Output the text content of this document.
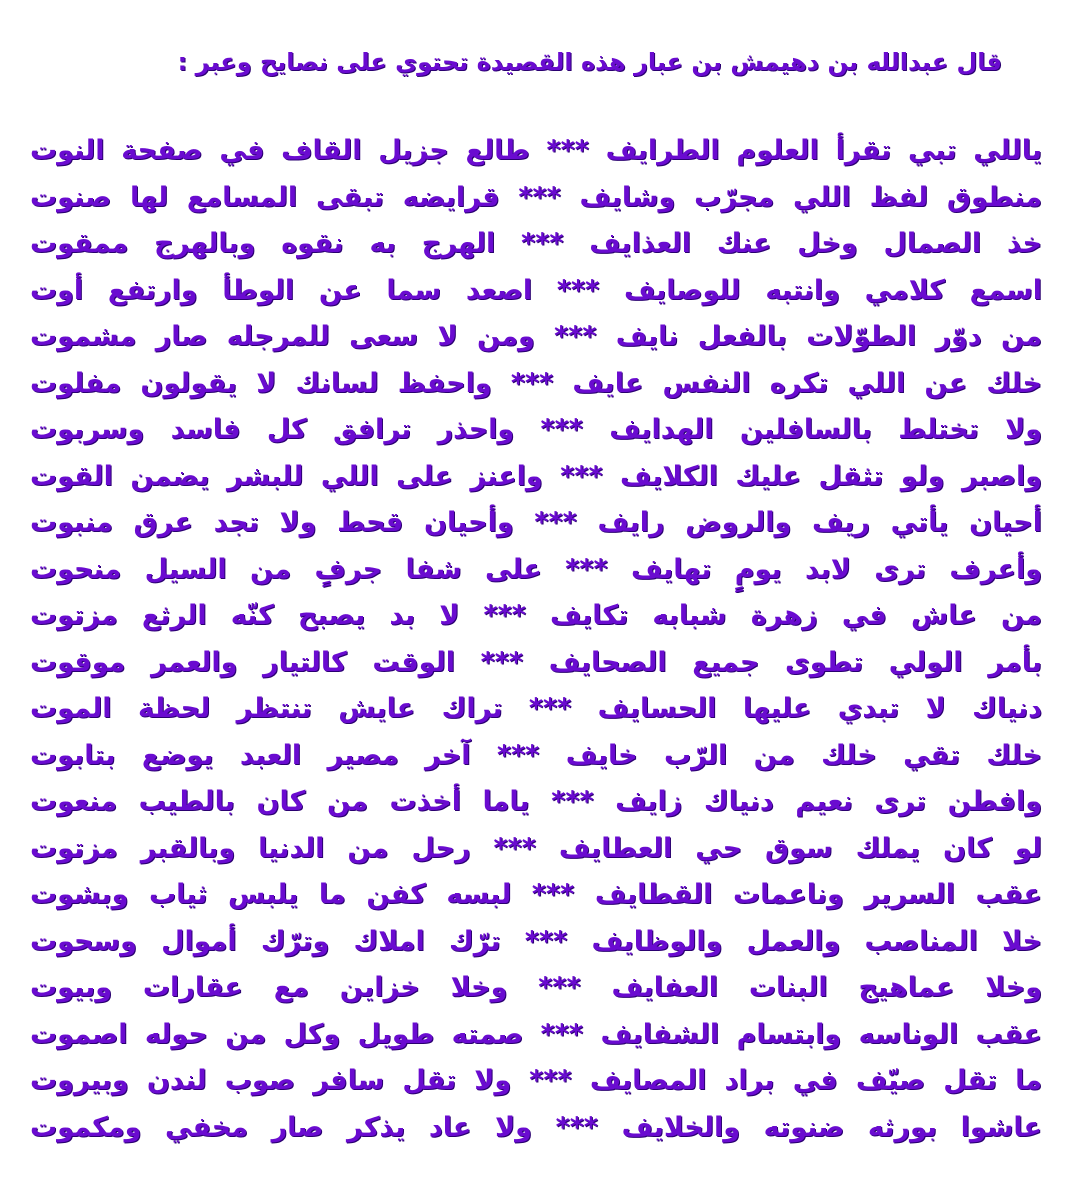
قال عبدالله بن دهيمش بن عبار هذه القصيدة تحتوي على نصايح وعبر :
ياللي تبي تقرأ العلوم الطرايف *** طالع جزيل القاف في صفحة النوت
منطوق لفظ اللي مجرّب وشايف *** قرايضه تبقى المسامع لها صنوت
خذ الصمال وخل عنك العذايف *** الهرج به نقوه وبالهرج ممقوت
اسمع كلامي وانتبه للوصايف *** اصعد سما عن الوطأ وارتفع أوت
من دوّر الطوّلات بالفعل نايف *** ومن لا سعى للمرجله صار مشموت
خلك عن اللي تكره النفس عايف *** واحفظ لسانك لا يقولون مفلوت
ولا تختلط بالسافلين الهدايف *** واحذر ترافق كل فاسد وسربوت
واصبر ولو تثقل عليك الكلايف *** واعنز على اللي للبشر يضمن القوت
أحيان يأتي ريف والروض رايف *** وأحيان قحط ولا تجد عرق منبوت
وأعرف ترى لابد يومٍ تهايف *** على شفا جرفٍ من السيل منحوت
من عاش في زهرة شبابه تكايف *** لا بد يصبح كنّه الرثع مزتوت
بأمر الولي تطوى جميع الصحايف *** الوقت كالتيار والعمر موقوت
دنياك لا تبدي عليها الحسايف *** تراك عايش تنتظر لحظة الموت
خلك تقي خلك من الرّب خايف *** آخر مصير العبد يوضع بتابوت
وافطن ترى نعيم دنياك زايف *** ياما أخذت من كان بالطيب منعوت
لو كان يملك سوق حي العطايف *** رحل من الدنيا وبالقبر مزتوت
عقب السرير وناعمات القطايف *** لبسه كفن ما يلبس ثياب وبشوت
خلا المناصب والعمل والوظايف *** ترّك املاك وترّك أموال وسحوت
وخلا عماهيج البنات العفايف *** وخلا خزاين مع عقارات وبيوت
عقب الوناسه وابتسام الشفايف *** صمته طويل وكل من حوله اصموت
ما تقل صيّف في براد المصايف *** ولا تقل سافر صوب لندن وبيروت
عاشوا بورثه ضنوته والخلايف *** ولا عاد يذكر صار مخفي ومكموت
